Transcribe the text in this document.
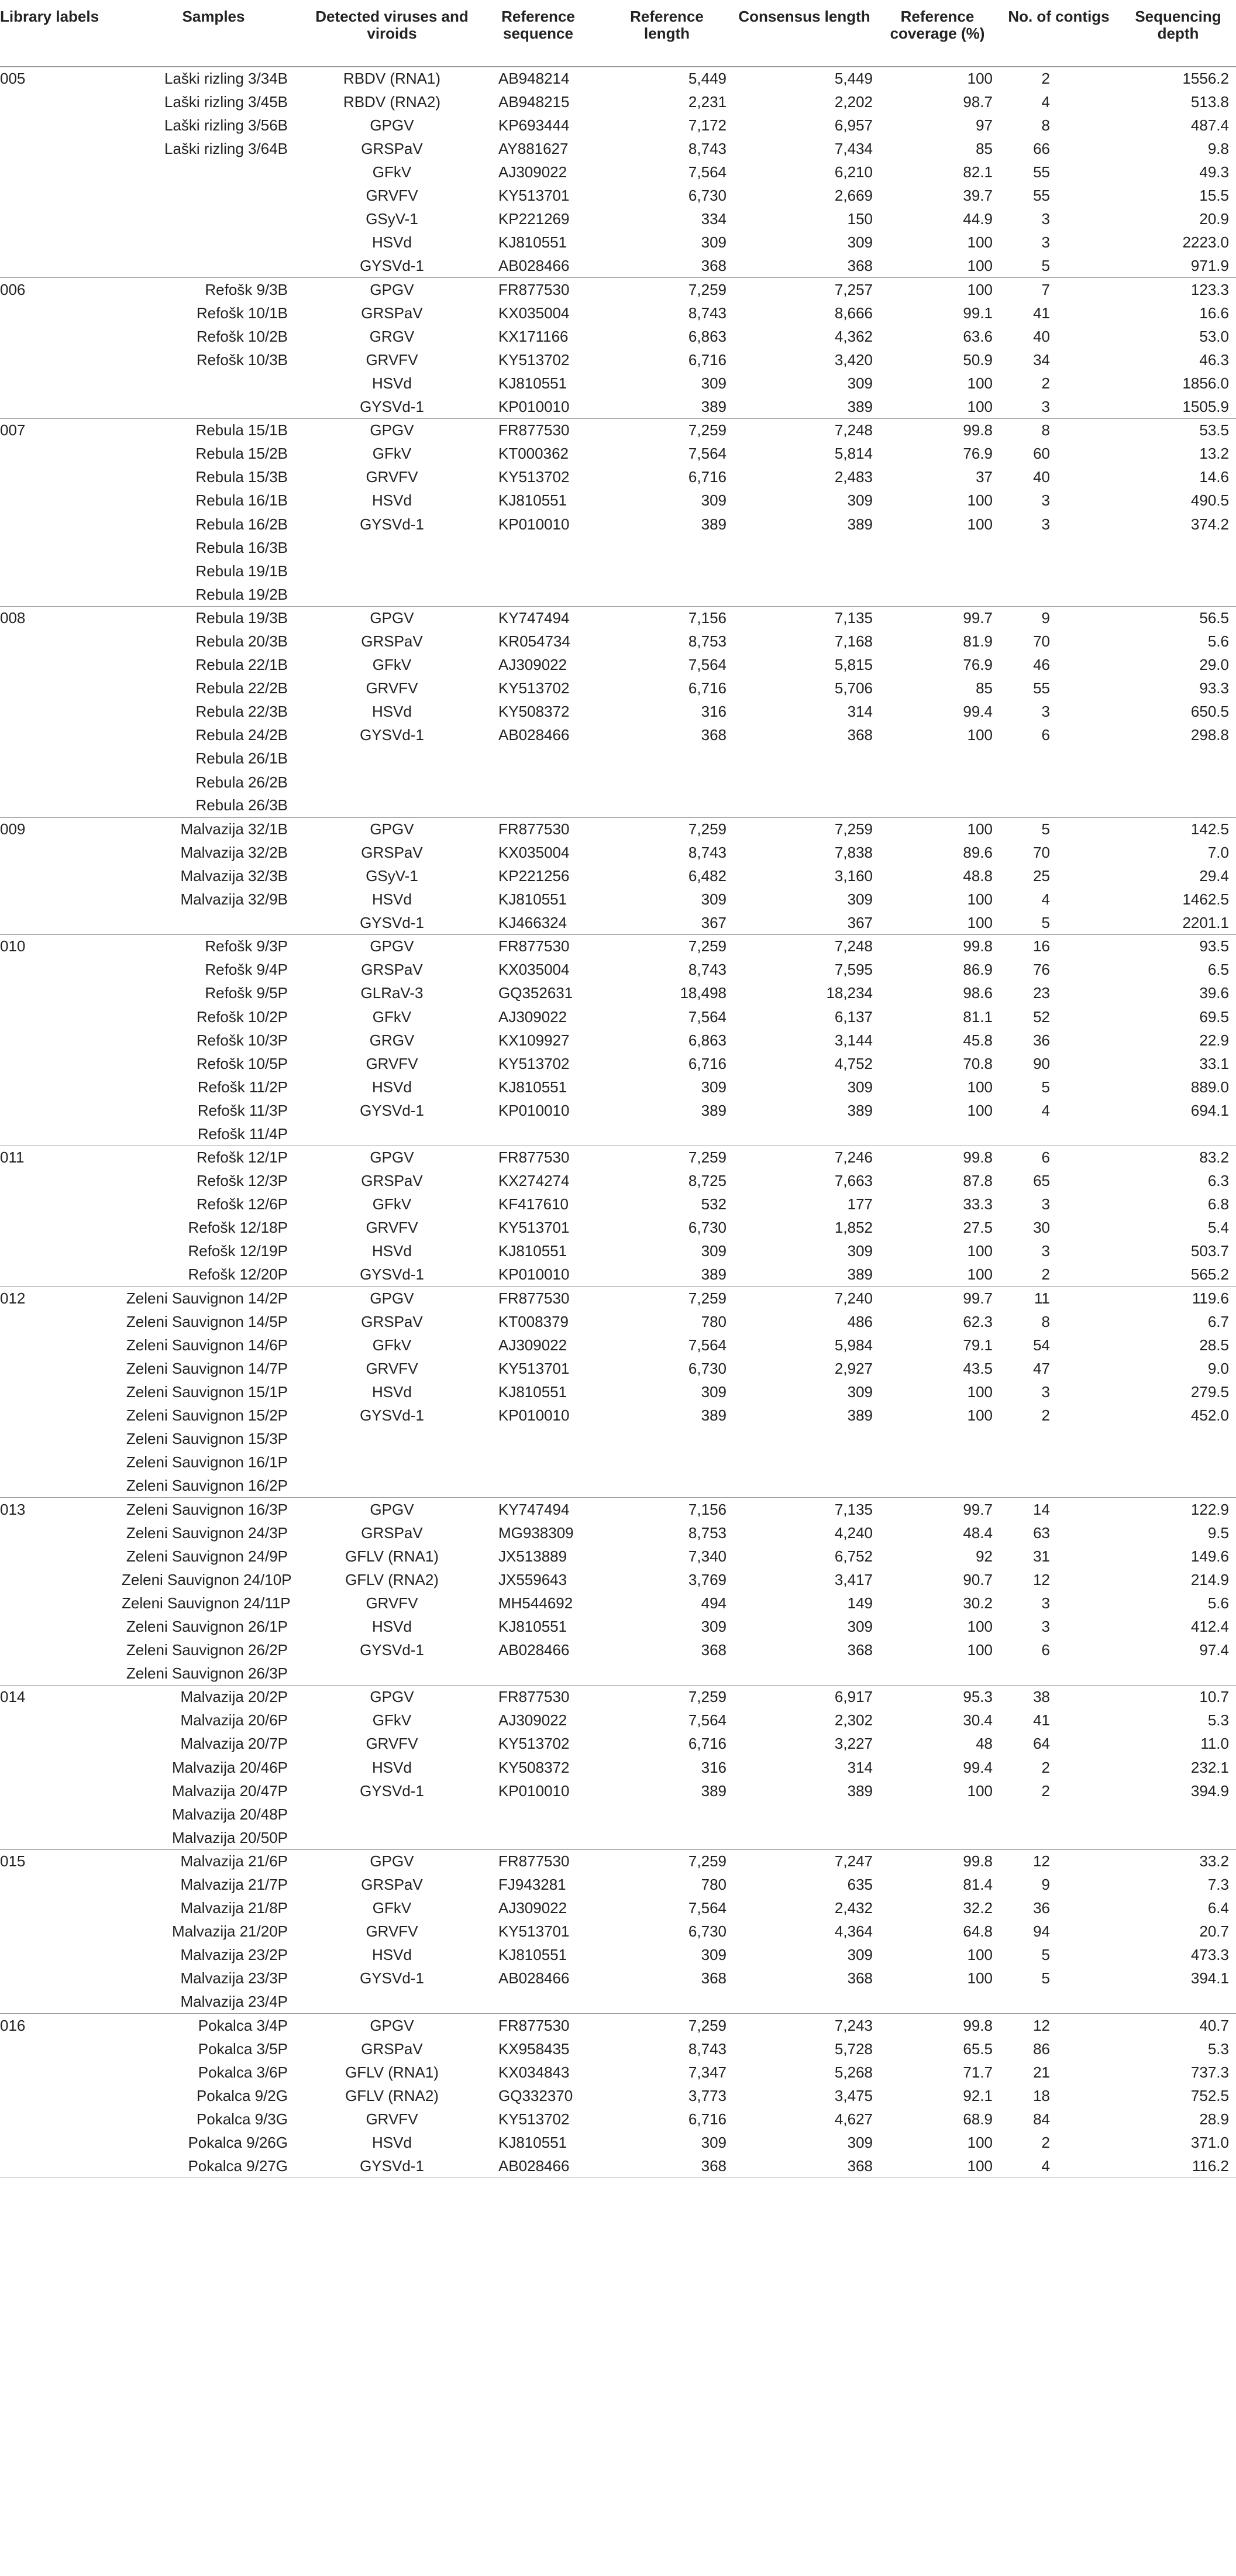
Library labels	Samples	Detected viruses and viroids	Reference sequence	Reference length	Consensus length	Reference coverage (%)	No. of contigs	Sequencing depth
005	Laški rizling 3/34B	RBDV (RNA1)	AB948214	5,449	5,449	100	2	1556.2
	Laški rizling 3/45B	RBDV (RNA2)	AB948215	2,231	2,202	98.7	4	513.8
	Laški rizling 3/56B	GPGV	KP693444	7,172	6,957	97	8	487.4
	Laški rizling 3/64B	GRSPaV	AY881627	8,743	7,434	85	66	9.8
		GFkV	AJ309022	7,564	6,210	82.1	55	49.3
		GRVFV	KY513701	6,730	2,669	39.7	55	15.5
		GSyV-1	KP221269	334	150	44.9	3	20.9
		HSVd	KJ810551	309	309	100	3	2223.0
		GYSVd-1	AB028466	368	368	100	5	971.9
006	Refošk 9/3B	GPGV	FR877530	7,259	7,257	100	7	123.3
	Refošk 10/1B	GRSPaV	KX035004	8,743	8,666	99.1	41	16.6
	Refošk 10/2B	GRGV	KX171166	6,863	4,362	63.6	40	53.0
	Refošk 10/3B	GRVFV	KY513702	6,716	3,420	50.9	34	46.3
		HSVd	KJ810551	309	309	100	2	1856.0
		GYSVd-1	KP010010	389	389	100	3	1505.9
007	Rebula 15/1B	GPGV	FR877530	7,259	7,248	99.8	8	53.5
	Rebula 15/2B	GFkV	KT000362	7,564	5,814	76.9	60	13.2
	Rebula 15/3B	GRVFV	KY513702	6,716	2,483	37	40	14.6
	Rebula 16/1B	HSVd	KJ810551	309	309	100	3	490.5
	Rebula 16/2B	GYSVd-1	KP010010	389	389	100	3	374.2
	Rebula 16/3B							
	Rebula 19/1B							
	Rebula 19/2B							
008	Rebula 19/3B	GPGV	KY747494	7,156	7,135	99.7	9	56.5
	Rebula 20/3B	GRSPaV	KR054734	8,753	7,168	81.9	70	5.6
	Rebula 22/1B	GFkV	AJ309022	7,564	5,815	76.9	46	29.0
	Rebula 22/2B	GRVFV	KY513702	6,716	5,706	85	55	93.3
	Rebula 22/3B	HSVd	KY508372	316	314	99.4	3	650.5
	Rebula 24/2B	GYSVd-1	AB028466	368	368	100	6	298.8
	Rebula 26/1B							
	Rebula 26/2B							
	Rebula 26/3B							
009	Malvazija 32/1B	GPGV	FR877530	7,259	7,259	100	5	142.5
	Malvazija 32/2B	GRSPaV	KX035004	8,743	7,838	89.6	70	7.0
	Malvazija 32/3B	GSyV-1	KP221256	6,482	3,160	48.8	25	29.4
	Malvazija 32/9B	HSVd	KJ810551	309	309	100	4	1462.5
		GYSVd-1	KJ466324	367	367	100	5	2201.1
010	Refošk 9/3P	GPGV	FR877530	7,259	7,248	99.8	16	93.5
	Refošk 9/4P	GRSPaV	KX035004	8,743	7,595	86.9	76	6.5
	Refošk 9/5P	GLRaV-3	GQ352631	18,498	18,234	98.6	23	39.6
	Refošk 10/2P	GFkV	AJ309022	7,564	6,137	81.1	52	69.5
	Refošk 10/3P	GRGV	KX109927	6,863	3,144	45.8	36	22.9
	Refošk 10/5P	GRVFV	KY513702	6,716	4,752	70.8	90	33.1
	Refošk 11/2P	HSVd	KJ810551	309	309	100	5	889.0
	Refošk 11/3P	GYSVd-1	KP010010	389	389	100	4	694.1
	Refošk 11/4P							
011	Refošk 12/1P	GPGV	FR877530	7,259	7,246	99.8	6	83.2
	Refošk 12/3P	GRSPaV	KX274274	8,725	7,663	87.8	65	6.3
	Refošk 12/6P	GFkV	KF417610	532	177	33.3	3	6.8
	Refošk 12/18P	GRVFV	KY513701	6,730	1,852	27.5	30	5.4
	Refošk 12/19P	HSVd	KJ810551	309	309	100	3	503.7
	Refošk 12/20P	GYSVd-1	KP010010	389	389	100	2	565.2
012	Zeleni Sauvignon 14/2P	GPGV	FR877530	7,259	7,240	99.7	11	119.6
	Zeleni Sauvignon 14/5P	GRSPaV	KT008379	780	486	62.3	8	6.7
	Zeleni Sauvignon 14/6P	GFkV	AJ309022	7,564	5,984	79.1	54	28.5
	Zeleni Sauvignon 14/7P	GRVFV	KY513701	6,730	2,927	43.5	47	9.0
	Zeleni Sauvignon 15/1P	HSVd	KJ810551	309	309	100	3	279.5
	Zeleni Sauvignon 15/2P	GYSVd-1	KP010010	389	389	100	2	452.0
	Zeleni Sauvignon 15/3P							
	Zeleni Sauvignon 16/1P							
	Zeleni Sauvignon 16/2P							
013	Zeleni Sauvignon 16/3P	GPGV	KY747494	7,156	7,135	99.7	14	122.9
	Zeleni Sauvignon 24/3P	GRSPaV	MG938309	8,753	4,240	48.4	63	9.5
	Zeleni Sauvignon 24/9P	GFLV (RNA1)	JX513889	7,340	6,752	92	31	149.6
	Zeleni Sauvignon 24/10P	GFLV (RNA2)	JX559643	3,769	3,417	90.7	12	214.9
	Zeleni Sauvignon 24/11P	GRVFV	MH544692	494	149	30.2	3	5.6
	Zeleni Sauvignon 26/1P	HSVd	KJ810551	309	309	100	3	412.4
	Zeleni Sauvignon 26/2P	GYSVd-1	AB028466	368	368	100	6	97.4
	Zeleni Sauvignon 26/3P							
014	Malvazija 20/2P	GPGV	FR877530	7,259	6,917	95.3	38	10.7
	Malvazija 20/6P	GFkV	AJ309022	7,564	2,302	30.4	41	5.3
	Malvazija 20/7P	GRVFV	KY513702	6,716	3,227	48	64	11.0
	Malvazija 20/46P	HSVd	KY508372	316	314	99.4	2	232.1
	Malvazija 20/47P	GYSVd-1	KP010010	389	389	100	2	394.9
	Malvazija 20/48P							
	Malvazija 20/50P							
015	Malvazija 21/6P	GPGV	FR877530	7,259	7,247	99.8	12	33.2
	Malvazija 21/7P	GRSPaV	FJ943281	780	635	81.4	9	7.3
	Malvazija 21/8P	GFkV	AJ309022	7,564	2,432	32.2	36	6.4
	Malvazija 21/20P	GRVFV	KY513701	6,730	4,364	64.8	94	20.7
	Malvazija 23/2P	HSVd	KJ810551	309	309	100	5	473.3
	Malvazija 23/3P	GYSVd-1	AB028466	368	368	100	5	394.1
	Malvazija 23/4P							
016	Pokalca 3/4P	GPGV	FR877530	7,259	7,243	99.8	12	40.7
	Pokalca 3/5P	GRSPaV	KX958435	8,743	5,728	65.5	86	5.3
	Pokalca 3/6P	GFLV (RNA1)	KX034843	7,347	5,268	71.7	21	737.3
	Pokalca 9/2G	GFLV (RNA2)	GQ332370	3,773	3,475	92.1	18	752.5
	Pokalca 9/3G	GRVFV	KY513702	6,716	4,627	68.9	84	28.9
	Pokalca 9/26G	HSVd	KJ810551	309	309	100	2	371.0
	Pokalca 9/27G	GYSVd-1	AB028466	368	368	100	4	116.2
